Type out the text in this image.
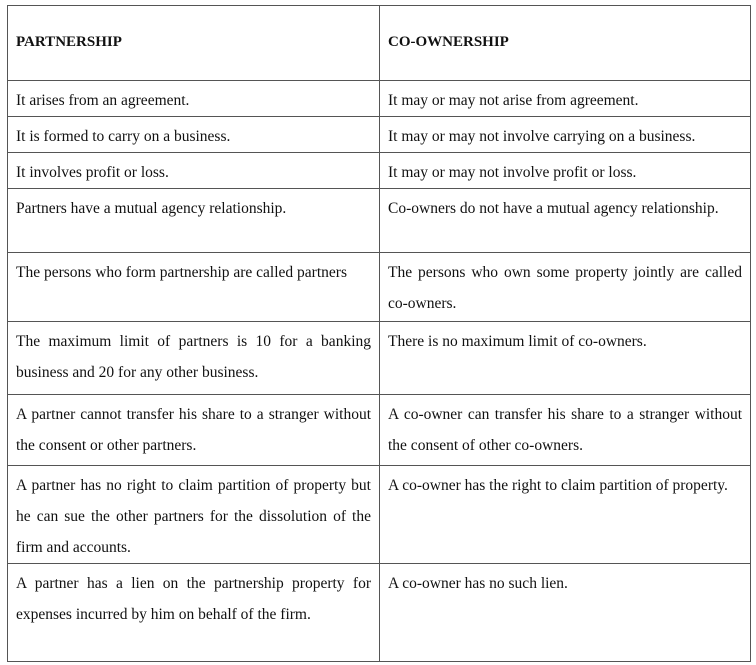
PARTNERSHIP	CO-OWNERSHIP
It arises from an agreement.	It may or may not arise from agreement.
It is formed to carry on a business.	It may or may not involve carrying on a business.
It involves profit or loss.	It may or may not involve profit or loss.
Partners have a mutual agency relationship.	Co-owners do not have a mutual agency relationship.
The persons who form partnership are called partners	The persons who own some property jointly are called co-owners.
The maximum limit of partners is 10 for a banking business and 20 for any other business.	There is no maximum limit of co-owners.
A partner cannot transfer his share to a stranger without the consent or other partners.	A co-owner can transfer his share to a stranger without the consent of other co-owners.
A partner has no right to claim partition of property but he can sue the other partners for the dissolution of the firm and accounts.	A co-owner has the right to claim partition of property.
A partner has a lien on the partnership property for expenses incurred by him on behalf of the firm.	A co-owner has no such lien.
